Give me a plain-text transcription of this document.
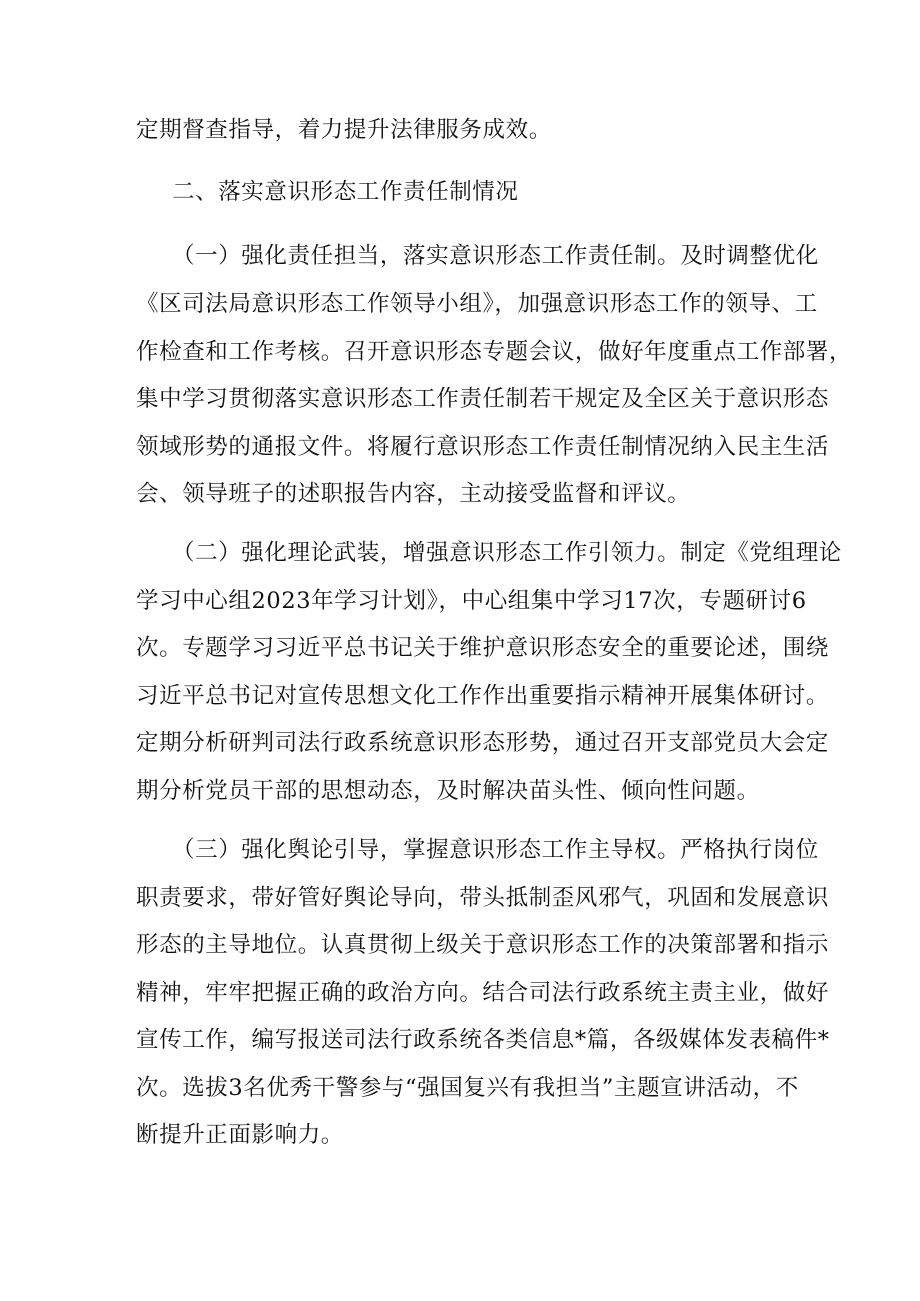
定期督查指导，着力提升法律服务成效。
二、落实意识形态工作责任制情况
（一）强化责任担当，落实意识形态工作责任制。及时调整优化
《区司法局意识形态工作领导小组》，加强意识形态工作的领导、工
作检查和工作考核。召开意识形态专题会议，做好年度重点工作部署，
集中学习贯彻落实意识形态工作责任制若干规定及全区关于意识形态
领域形势的通报文件。将履行意识形态工作责任制情况纳入民主生活
会、领导班子的述职报告内容，主动接受监督和评议。
（二）强化理论武装，增强意识形态工作引领力。制定《党组理论
学习中心组2023年学习计划》，中心组集中学习17次，专题研讨6
次。专题学习习近平总书记关于维护意识形态安全的重要论述，围绕
习近平总书记对宣传思想文化工作作出重要指示精神开展集体研讨。
定期分析研判司法行政系统意识形态形势，通过召开支部党员大会定
期分析党员干部的思想动态，及时解决苗头性、倾向性问题。
（三）强化舆论引导，掌握意识形态工作主导权。严格执行岗位
职责要求，带好管好舆论导向，带头抵制歪风邪气，巩固和发展意识
形态的主导地位。认真贯彻上级关于意识形态工作的决策部署和指示
精神，牢牢把握正确的政治方向。结合司法行政系统主责主业，做好
宣传工作，编写报送司法行政系统各类信息*篇，各级媒体发表稿件*
次。选拔3名优秀干警参与“强国复兴有我担当”主题宣讲活动，不
断提升正面影响力。
